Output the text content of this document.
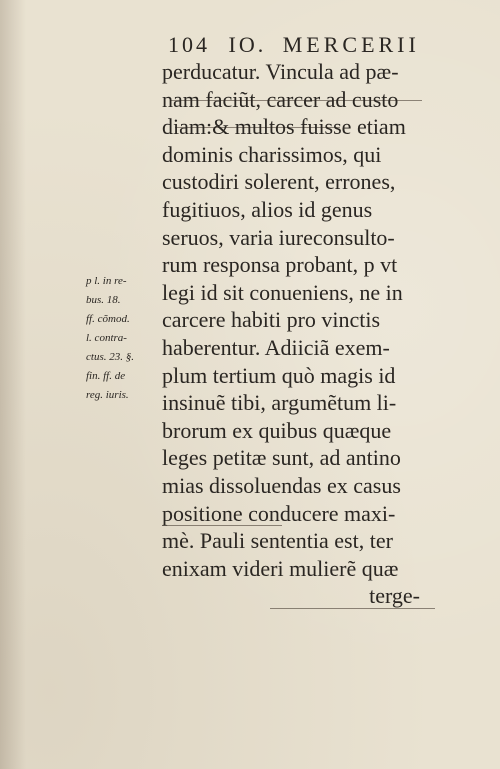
104 IO. MERCERII
perducatur. Vincula ad pæ-
nam faciũt, carcer ad custo
diam:& multos fuisse etiam
dominis charissimos, qui
custodiri solerent, errones,
fugitiuos, alios id genus
seruos, varia iureconsulto-
rum responsa probant, p vt
legi id sit conueniens, ne in
carcere habiti pro vinctis
haberentur. Adiiciã exem-
plum tertium quò magis id
insinuẽ tibi, argumẽtum li-
brorum ex quibus quæque
leges petitæ sunt, ad antino
mias dissoluendas ex casus
positione conducere maxi-
mè. Pauli sententia est, ter
enixam videri mulierẽ quæ
terge-
p l. in re-
bus. 18.
ff. cõmod.
l. contra-
ctus. 23. §.
fin. ff. de
reg. iuris.
